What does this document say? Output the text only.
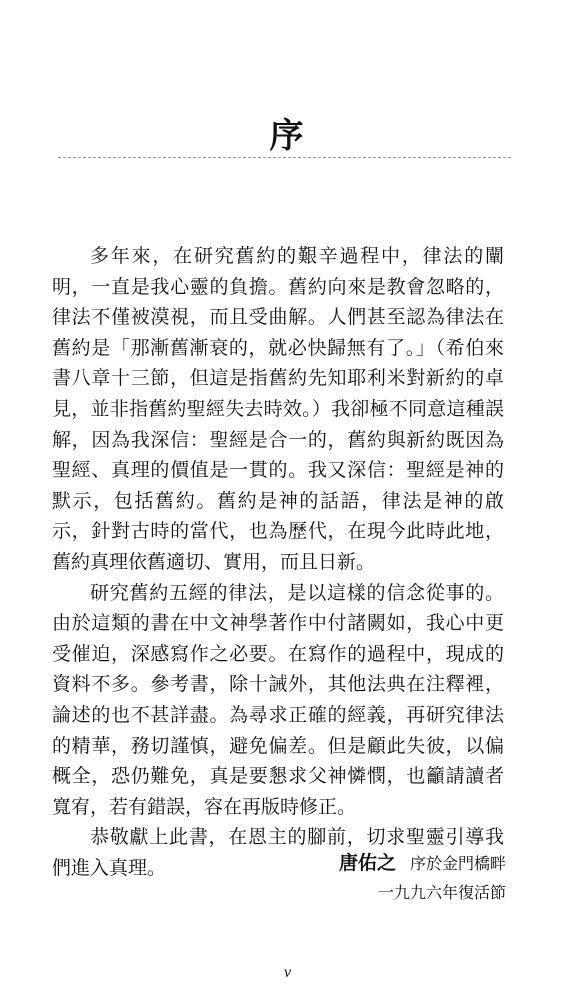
序

多年來，在研究舊約的艱辛過程中，律法的闡明，一直是我心靈的負擔。舊約向來是教會忽略的，律法不僅被漠視，而且受曲解。人們甚至認為律法在舊約是「那漸舊漸衰的，就必快歸無有了。」（希伯來書八章十三節，但這是指舊約先知耶利米對新約的卓見，並非指舊約聖經失去時效。）我卻極不同意這種誤解，因為我深信：聖經是合一的，舊約與新約既因為聖經、真理的價值是一貫的。我又深信：聖經是神的默示，包括舊約。舊約是神的話語，律法是神的啟示，針對古時的當代，也為歷代，在現今此時此地，舊約真理依舊適切、實用，而且日新。

研究舊約五經的律法，是以這樣的信念從事的。由於這類的書在中文神學著作中付諸闕如，我心中更受催迫，深感寫作之必要。在寫作的過程中，現成的資料不多。參考書，除十誡外，其他法典在注釋裡，論述的也不甚詳盡。為尋求正確的經義，再研究律法的精華，務切謹慎，避免偏差。但是顧此失彼，以偏概全，恐仍難免，真是要懇求父神憐憫，也籲請讀者寬宥，若有錯誤，容在再版時修正。

恭敬獻上此書，在恩主的腳前，切求聖靈引導我們進入真理。	唐佑之 序於金門橋畔
一九九六年復活節
v
